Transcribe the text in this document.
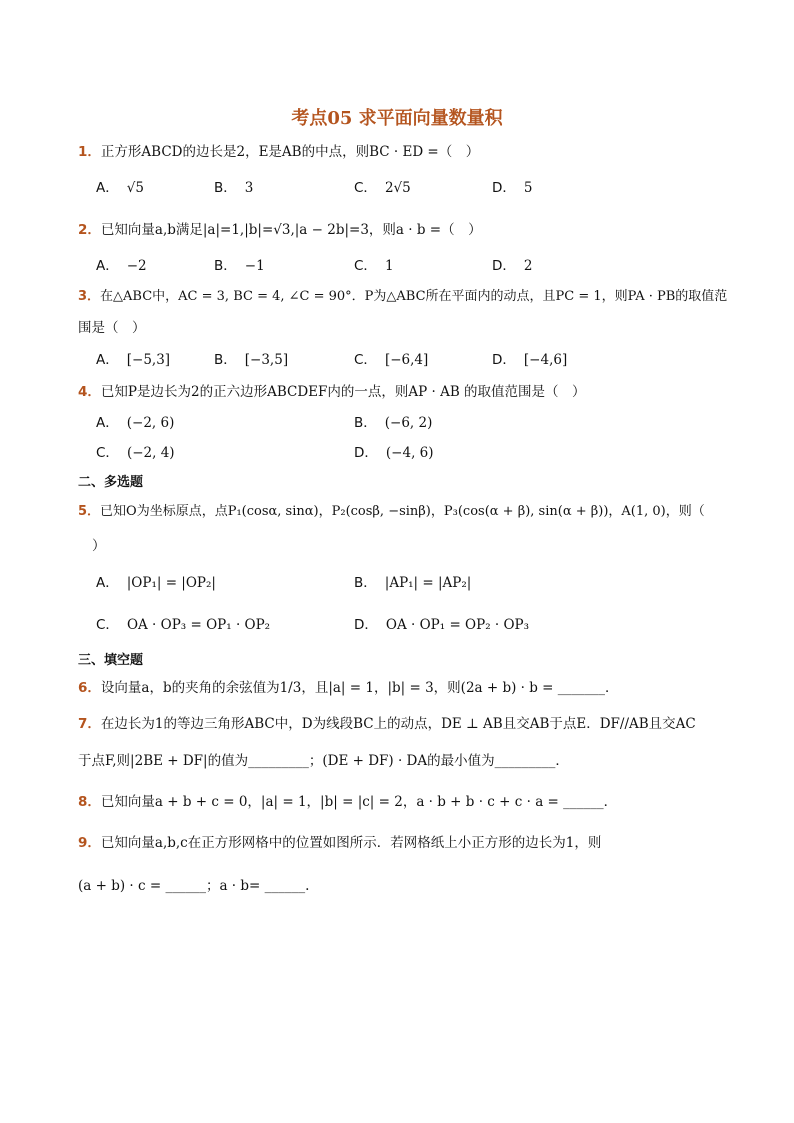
考点05 求平面向量数量积
1．正方形ABCD的边长是2，E是AB的中点，则BC · ED =（　）
A． √5	B． 3	C． 2√5	D． 5
2．已知向量a,b满足|a|=1,|b|=√3,|a − 2b|=3，则a · b =（　）
A． −2	B． −1	C． 1	D． 2
3．在△ABC中，AC = 3, BC = 4, ∠C = 90°．P为△ABC所在平面内的动点，且PC = 1，则PA · PB的取值范
围是（　）
A． [−5,3]	B． [−3,5]	C． [−6,4]	D． [−4,6]
4．已知P是边长为2的正六边形ABCDEF内的一点，则AP · AB 的取值范围是（　）
A． (−2, 6)	B． (−6, 2)
C． (−2, 4)	D． (−4, 6)
二、多选题
5．已知O为坐标原点，点P₁(cosα, sinα)，P₂(cosβ, −sinβ)，P₃(cos(α + β), sin(α + β))，A(1, 0)，则（
）
A． |OP₁| = |OP₂|	B． |AP₁| = |AP₂|
C． OA · OP₃ = OP₁ · OP₂	D． OA · OP₁ = OP₂ · OP₃
三、填空题
6．设向量a，b的夹角的余弦值为1/3，且|a| = 1，|b| = 3，则(2a + b) · b = _______．
7．在边长为1的等边三角形ABC中，D为线段BC上的动点，DE ⊥ AB且交AB于点E．DF//AB且交AC
于点F,则|2BE + DF|的值为_________；(DE + DF) · DA的最小值为_________．
8．已知向量a + b + c = 0，|a| = 1，|b| = |c| = 2，a · b + b · c + c · a = ______．
9．已知向量a,b,c在正方形网格中的位置如图所示．若网格纸上小正方形的边长为1，则
(a + b) · c = ______；a · b= ______.
